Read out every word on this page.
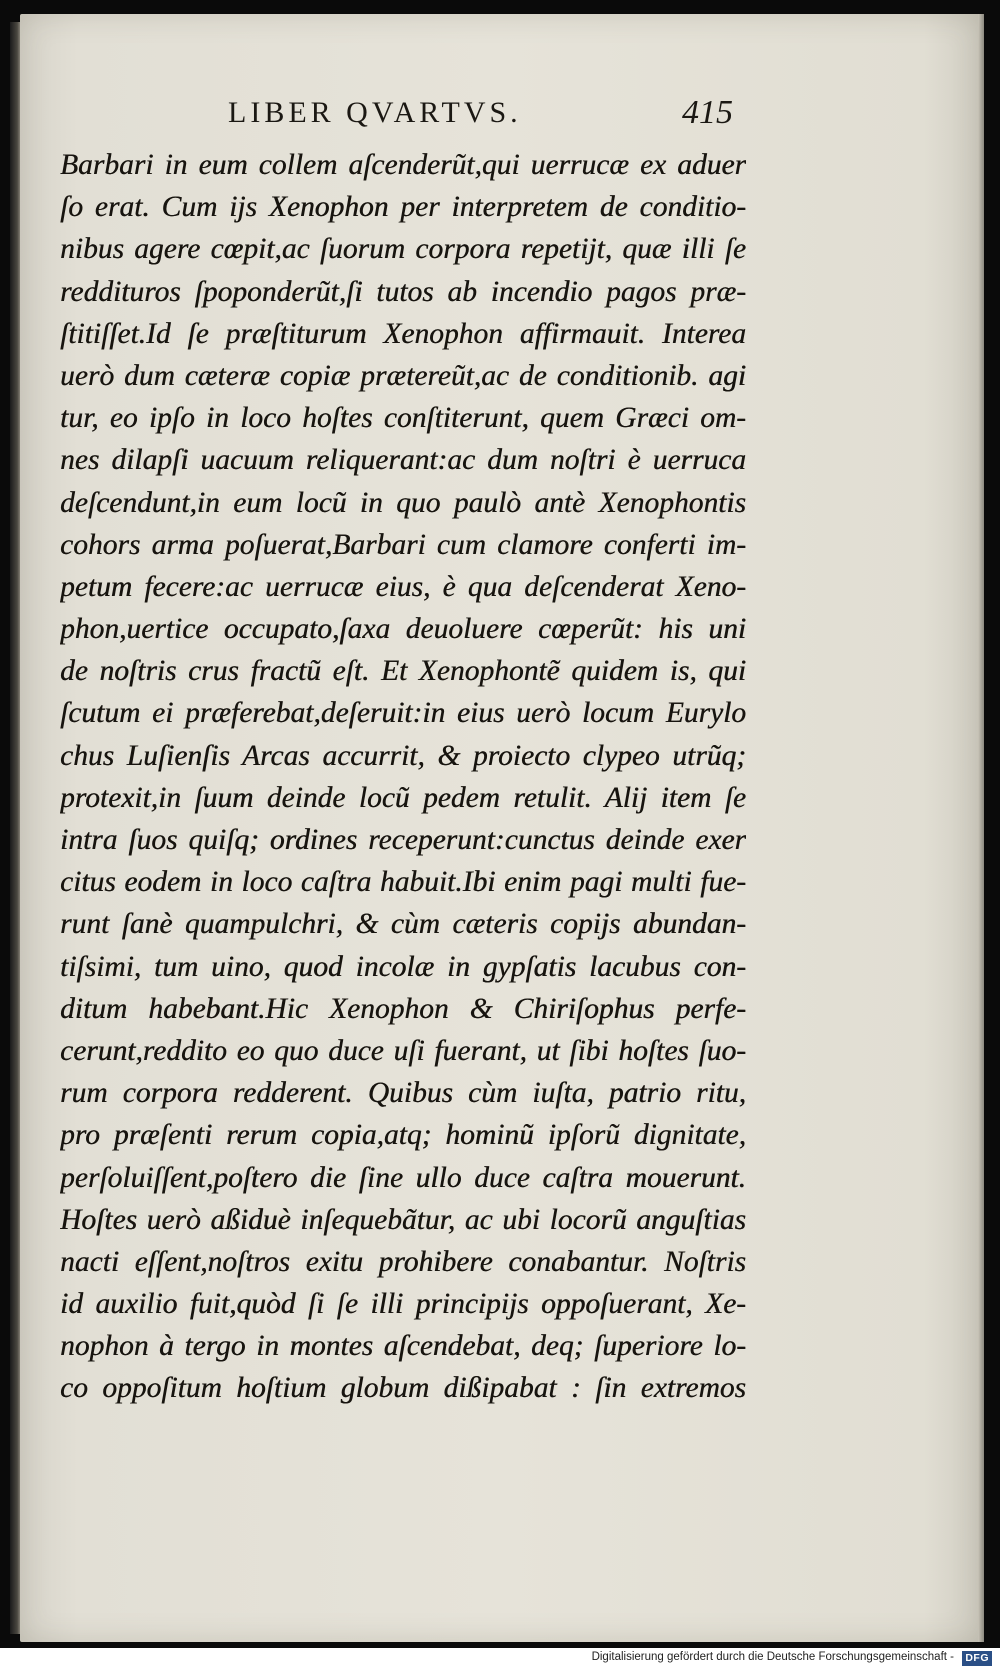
LIBER QVARTVS.	415
Barbari in eum collem aſcenderũt,qui uerrucæ ex aduer
ſo erat. Cum ijs Xenophon per interpretem de conditio-
nibus agere cœpit,ac ſuorum corpora repetijt, quæ illi ſe
reddituros ſpoponderũt,ſi tutos ab incendio pagos præ-
ſtitiſſet.Id ſe præſtiturum Xenophon affirmauit. Interea
uerò dum cæteræ copiæ prætereũt,ac de conditionib. agi
tur, eo ipſo in loco hoſtes conſtiterunt, quem Græci om-
nes dilapſi uacuum reliquerant:ac dum noſtri è uerruca
deſcendunt,in eum locũ in quo paulò antè Xenophontis
cohors arma poſuerat,Barbari cum clamore conferti im-
petum fecere:ac uerrucæ eius, è qua deſcenderat Xeno-
phon,uertice occupato,ſaxa deuoluere cœperũt: his uni
de noſtris crus fractũ eſt. Et Xenophontẽ quidem is, qui
ſcutum ei præferebat,deſeruit:in eius uerò locum Eurylo
chus Luſienſis Arcas accurrit, & proiecto clypeo utrũq;
protexit,in ſuum deinde locũ pedem retulit. Alij item ſe
intra ſuos quiſq; ordines receperunt:cunctus deinde exer
citus eodem in loco caſtra habuit.Ibi enim pagi multi fue-
runt ſanè quampulchri, & cùm cæteris copijs abundan-
tiſsimi, tum uino, quod incolæ in gypſatis lacubus con-
ditum habebant.Hic Xenophon & Chiriſophus perfe-
cerunt,reddito eo quo duce uſi fuerant, ut ſibi hoſtes ſuo-
rum corpora redderent. Quibus cùm iuſta, patrio ritu,
pro præſenti rerum copia,atq; hominũ ipſorũ dignitate,
perſoluiſſent,poſtero die ſine ullo duce caſtra mouerunt.
Hoſtes uerò aßiduè inſequebãtur, ac ubi locorũ anguſtias
nacti eſſent,noſtros exitu prohibere conabantur. Noſtris
id auxilio fuit,quòd ſi ſe illi principijs oppoſuerant, Xe-
nophon à tergo in montes aſcendebat, deq; ſuperiore lo-
co oppoſitum hoſtium globum dißipabat : ſin extremos
Digitalisierung gefördert durch die Deutsche Forschungsgemeinschaft - DFG
